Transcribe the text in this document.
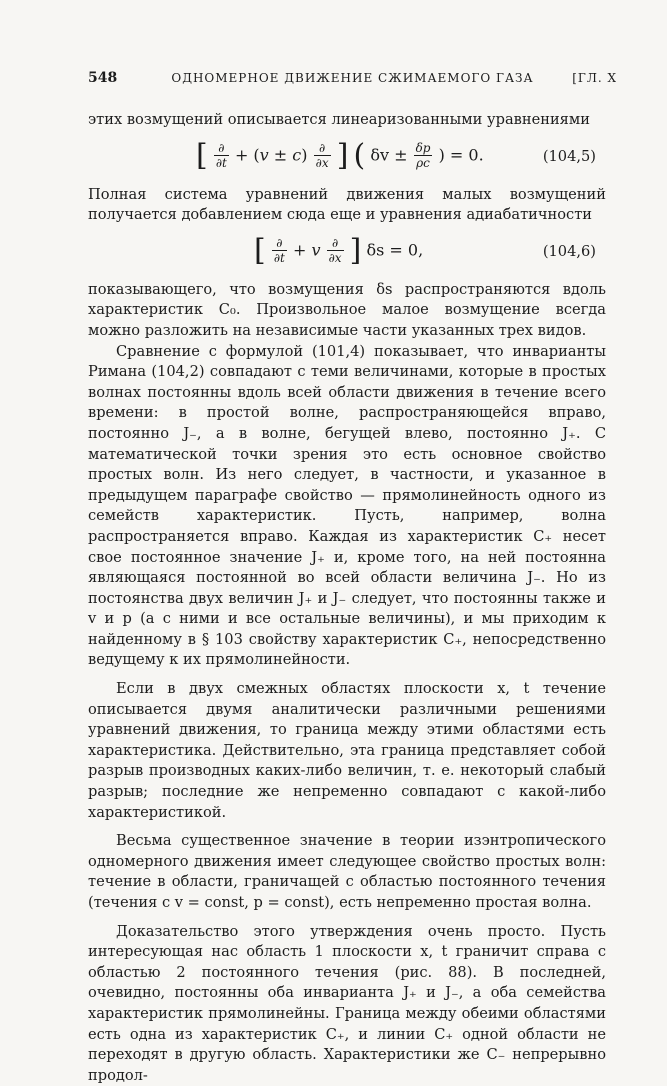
548	ОДНОМЕРНОЕ ДВИЖЕНИЕ СЖИМАЕМОГО ГАЗА	[ГЛ. X

этих возмущений описывается линеаризованными уравнениями

[ $\frac{\partial}{\partial t} + (v \pm c) \frac{\partial}{\partial x}$ ] ( $\delta v \pm \frac{\delta p}{\rho c}$ ) = 0.	(104,5)

Полная система уравнений движения малых возмущений получается добавлением сюда еще и уравнения адиабатичности

[ $\frac{\partial}{\partial t} + v \frac{\partial}{\partial x}$ ] δs = 0,	(104,6)

показывающего, что возмущения δs распространяются вдоль характеристик C₀. Произвольное малое возмущение всегда можно разложить на независимые части указанных трех видов.

Сравнение с формулой (101,4) показывает, что инварианты Римана (104,2) совпадают с теми величинами, которые в простых волнах постоянны вдоль всей области движения в течение всего времени: в простой волне, распространяющейся вправо, постоянно J₋, а в волне, бегущей влево, постоянно J₊. С математической точки зрения это есть основное свойство простых волн. Из него следует, в частности, и указанное в предыдущем параграфе свойство — прямолинейность одного из семейств характеристик. Пусть, например, волна распространяется вправо. Каждая из характеристик C₊ несет свое постоянное значение J₊ и, кроме того, на ней постоянна являющаяся постоянной во всей области величина J₋. Но из постоянства двух величин J₊ и J₋ следует, что постоянны также и v и p (а с ними и все остальные величины), и мы приходим к найденному в § 103 свойству характеристик C₊, непосредственно ведущему к их прямолинейности.

Если в двух смежных областях плоскости x, t течение описывается двумя аналитически различными решениями уравнений движения, то граница между этими областями есть характеристика. Действительно, эта граница представляет собой разрыв производных каких-либо величин, т. е. некоторый слабый разрыв; последние же непременно совпадают с какой-либо характеристикой.

Весьма существенное значение в теории изэнтропического одномерного движения имеет следующее свойство простых волн: течение в области, граничащей с областью постоянного течения (течения с v = const, p = const), есть непременно простая волна.

Доказательство этого утверждения очень просто. Пусть интересующая нас область 1 плоскости x, t граничит справа с областью 2 постоянного течения (рис. 88). В последней, очевидно, постоянны оба инварианта J₊ и J₋, а оба семейства характеристик прямолинейны. Граница между обеими областями есть одна из характеристик C₊, и линии C₊ одной области не переходят в другую область. Характеристики же C₋ непрерывно продол-
